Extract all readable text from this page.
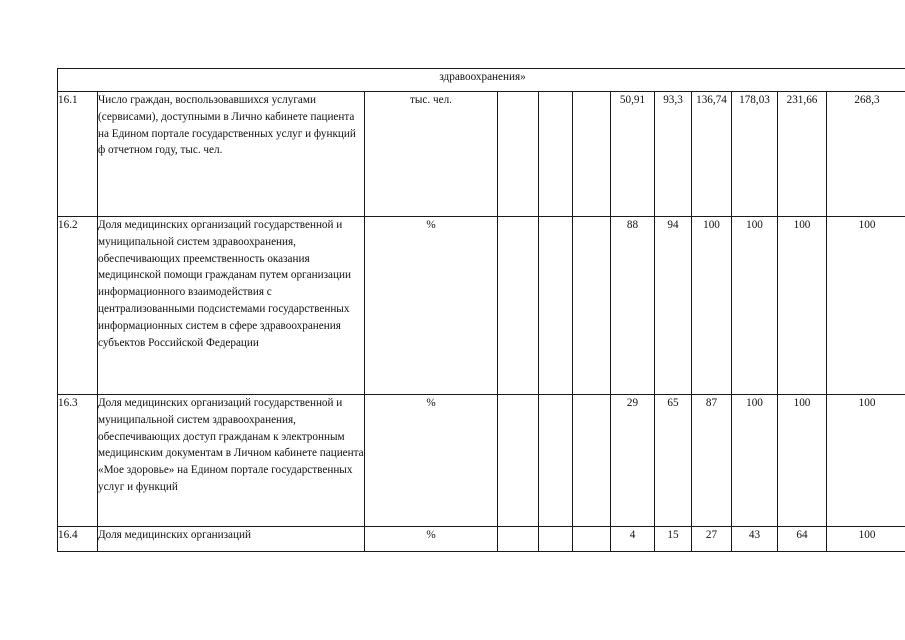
здравоохранения»											
16.1	Число граждан, воспользовавшихся услугами (сервисами), доступными в Лично кабинете пациента на Едином портале государственных услуг и функций ф отчетном году, тыс. чел.	тыс. чел.				50,91	93,3	136,74	178,03	231,66	268,3
16.2	Доля медицинских организаций государственной и муниципальной систем здравоохранения, обеспечивающих преемственность оказания медицинской помощи гражданам путем организации информационного взаимодействия с централизованными подсистемами государственных информационных систем в сфере здравоохранения субъектов Российской Федерации	%				88	94	100	100	100	100
16.3	Доля медицинских организаций государственной и муниципальной систем здравоохранения, обеспечивающих доступ гражданам к электронным медицинским документам в Личном кабинете пациента «Мое здоровье» на Едином портале государственных услуг и функций	%				29	65	87	100	100	100
16.4	Доля медицинских организаций	%				4	15	27	43	64	100
